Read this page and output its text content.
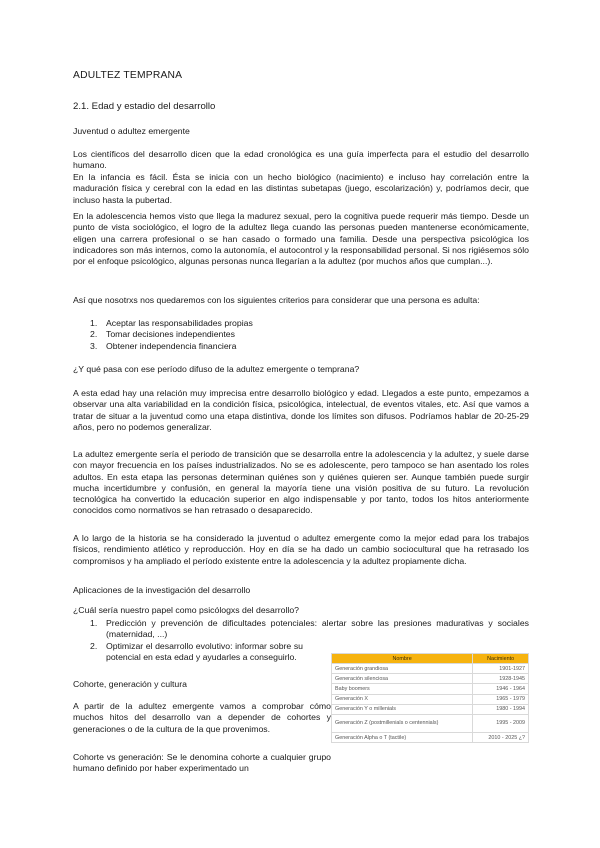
ADULTEZ TEMPRANA
2.1. Edad y estadio del desarrollo
Juventud o adultez emergente
Los científicos del desarrollo dicen que la edad cronológica es una guía imperfecta para el estudio del desarrollo humano.
En la infancia es fácil. Ésta se inicia con un hecho biológico (nacimiento) e incluso hay correlación entre la maduración física y cerebral con la edad en las distintas subetapas (juego, escolarización) y, podríamos decir, que incluso hasta la pubertad.
En la adolescencia hemos visto que llega la madurez sexual, pero la cognitiva puede requerir más tiempo. Desde un punto de vista sociológico, el logro de la adultez llega cuando las personas pueden mantenerse económicamente, eligen una carrera profesional o se han casado o formado una familia. Desde una perspectiva psicológica los indicadores son más internos, como la autonomía, el autocontrol y la responsabilidad personal. Si nos rigiésemos sólo por el enfoque psicológico, algunas personas nunca llegarían a la adultez (por muchos años que cumplan...).
Así que nosotrxs nos quedaremos con los siguientes criterios para considerar que una persona es adulta:
1. Aceptar las responsabilidades propias
2. Tomar decisiones independientes
3. Obtener independencia financiera
¿Y qué pasa con ese período difuso de la adultez emergente o temprana?
A esta edad hay una relación muy imprecisa entre desarrollo biológico y edad. Llegados a este punto, empezamos a observar una alta variabilidad en la condición física, psicológica, intelectual, de eventos vitales, etc. Así que vamos a tratar de situar a la juventud como una etapa distintiva, donde los límites son difusos. Podríamos hablar de 20-25-29 años, pero no podemos generalizar.
La adultez emergente sería el periodo de transición que se desarrolla entre la adolescencia y la adultez, y suele darse con mayor frecuencia en los países industrializados. No se es adolescente, pero tampoco se han asentado los roles adultos. En esta etapa las personas determinan quiénes son y quiénes quieren ser. Aunque también puede surgir mucha incertidumbre y confusión, en general la mayoría tiene una visión positiva de su futuro. La revolución tecnológica ha convertido la educación superior en algo indispensable y por tanto, todos los hitos anteriormente conocidos como normativos se han retrasado o desaparecido.
A lo largo de la historia se ha considerado la juventud o adultez emergente como la mejor edad para los trabajos físicos, rendimiento atlético y reproducción. Hoy en día se ha dado un cambio sociocultural que ha retrasado los compromisos y ha ampliado el período existente entre la adolescencia y la adultez propiamente dicha.
Aplicaciones de la investigación del desarrollo
¿Cuál sería nuestro papel como psicólogxs del desarrollo?
1. Predicción y prevención de dificultades potenciales: alertar sobre las presiones madurativas y sociales (maternidad, ...)
2. Optimizar el desarrollo evolutivo: informar sobre su potencial en esta edad y ayudarles a conseguirlo.
Cohorte, generación y cultura
A partir de la adultez emergente vamos a comprobar cómo muchos hitos del desarrollo van a depender de cohortes y generaciones o de la cultura de la que provenimos.
Cohorte vs generación: Se le denomina cohorte a cualquier grupo humano definido por haber experimentado un
Nombre	Nacimiento
Generación grandiosa	1901-1927
Generación silenciosa	1928-1945
Baby boomers	1946 - 1964
Generación X	1965 - 1979
Generación Y o millenials	1980 - 1994
Generación Z (postmillenials o centennials)	1995 - 2009
Generación Alpha o T (tactile)	2010 - 2025 ¿?
